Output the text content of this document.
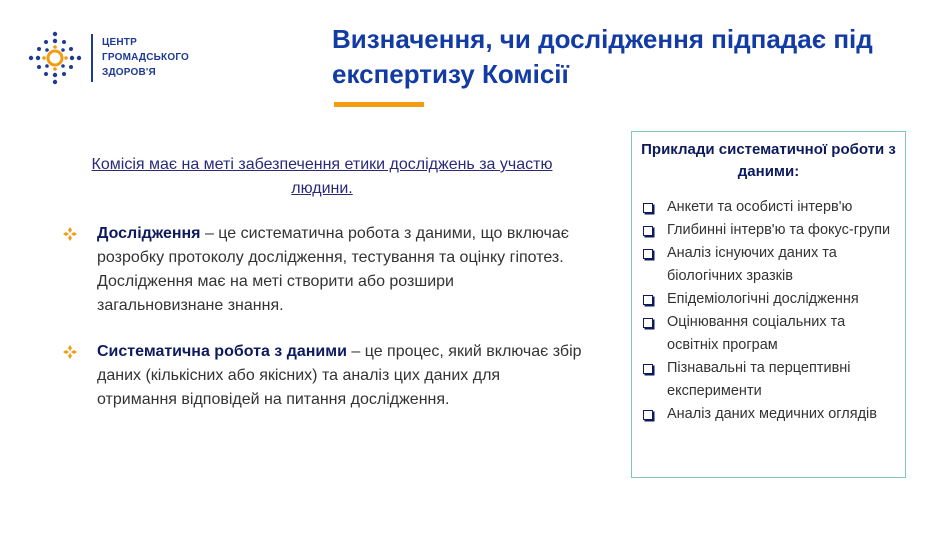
ЦЕНТР
ГРОМАДСЬКОГО
ЗДОРОВ'Я
Визначення, чи дослідження підпадає під
експертизу Комісії
Комісія має на меті забезпечення етики досліджень за участю людини.
Дослідження – це систематична робота з даними, що включає розробку протоколу дослідження, тестування та оцінку гіпотез. Дослідження має на меті створити або розшири загальновизнане знання.
Систематична робота з даними – це процес, який включає збір даних (кількісних або якісних) та аналіз цих даних для отримання відповідей на питання дослідження.
Приклади систематичної роботи з даними:
Анкети та особисті інтерв'ю
Глибинні інтерв'ю та фокус-групи
Аналіз існуючих даних та біологічних зразків
Епідеміологічні дослідження
Оцінювання соціальних та освітніх програм
Пізнавальні та перцептивні експерименти
Аналіз даних медичних оглядів
